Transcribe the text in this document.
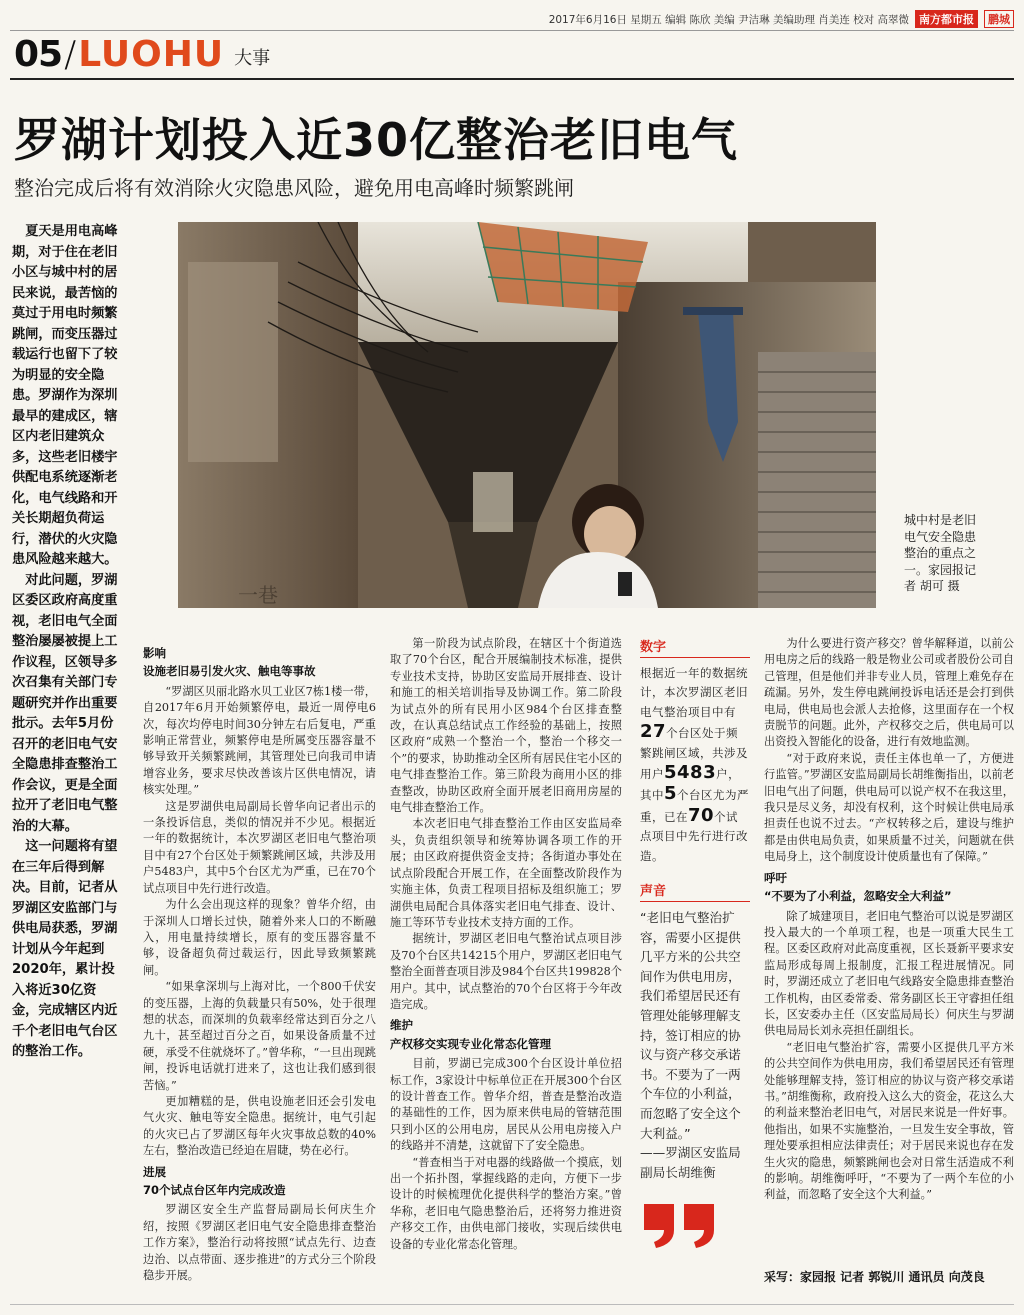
2017年6月16日 星期五 编辑 陈欣 美编 尹洁琳 美编助理 肖美连 校对 高翠微 南方都市报	鹏城
05 / LUOHU 大事
罗湖计划投入近30亿整治老旧电气
整治完成后将有效消除火灾隐患风险，避免用电高峰时频繁跳闸

夏天是用电高峰期，对于住在老旧小区与城中村的居民来说，最苦恼的莫过于用电时频繁跳闸，而变压器过载运行也留下了较为明显的安全隐患。罗湖作为深圳最早的建成区，辖区内老旧建筑众多，这些老旧楼宇供配电系统逐渐老化，电气线路和开关长期超负荷运行，潜伏的火灾隐患风险越来越大。

对此问题，罗湖区委区政府高度重视，老旧电气全面整治屡屡被提上工作议程，区领导多次召集有关部门专题研究并作出重要批示。去年5月份召开的老旧电气安全隐患排查整治工作会议，更是全面拉开了老旧电气整治的大幕。

这一问题将有望在三年后得到解决。目前，记者从罗湖区安监部门与供电局获悉，罗湖计划从今年起到2020年，累计投入将近30亿资金，完成辖区内近千个老旧电气台区的整治工作。

一巷
城中村是老旧电气安全隐患整治的重点之一。家园报记者 胡可 摄

影响

设施老旧易引发火灾、触电等事故

“罗湖区贝丽北路水贝工业区7栋1楼一带，自2017年6月开始频繁停电，最近一周停电6次，每次均停电时间30分钟左右后复电，严重影响正常营业，频繁停电是所属变压器容量不够导致开关频繁跳闸，其管理处已向我司申请增容业务，要求尽快改善该片区供电情况，请核实处理。”

这是罗湖供电局副局长曾华向记者出示的一条投诉信息，类似的情况并不少见。根据近一年的数据统计，本次罗湖区老旧电气整治项目中有27个台区处于频繁跳闸区域，共涉及用户5483户，其中5个台区尤为严重，已在70个试点项目中先行进行改造。

为什么会出现这样的现象？曾华介绍，由于深圳人口增长过快，随着外来人口的不断融入，用电量持续增长，原有的变压器容量不够，设备超负荷过载运行，因此导致频繁跳闸。

“如果拿深圳与上海对比，一个800千伏安的变压器，上海的负载量只有50%，处于很理想的状态，而深圳的负载率经常达到百分之八九十，甚至超过百分之百，如果设备质量不过硬，承受不住就烧坏了。”曾华称，“一旦出现跳闸，投诉电话就打进来了，这也让我们感到很苦恼。”

更加糟糕的是，供电设施老旧还会引发电气火灾、触电等安全隐患。据统计，电气引起的火灾已占了罗湖区每年火灾事故总数的40%左右，整治改造已经迫在眉睫，势在必行。

进展

70个试点台区年内完成改造

罗湖区安全生产监督局副局长何庆生介绍，按照《罗湖区老旧电气安全隐患排查整治工作方案》，整治行动将按照“试点先行、边查边治、以点带面、逐步推进”的方式分三个阶段稳步开展。

第一阶段为试点阶段，在辖区十个街道选取了70个台区，配合开展编制技术标准，提供专业技术支持，协助区安监局开展排查、设计和施工的相关培训指导及协调工作。第二阶段为试点外的所有民用小区984个台区排查整改，在认真总结试点工作经验的基础上，按照区政府“成熟一个整治一个，整治一个移交一个”的要求，协助推动全区所有居民住宅小区的电气排查整治工作。第三阶段为商用小区的排查整改，协助区政府全面开展老旧商用房屋的电气排查整治工作。

本次老旧电气排查整治工作由区安监局牵头，负责组织领导和统筹协调各项工作的开展；由区政府提供资金支持；各街道办事处在试点阶段配合开展工作，在全面整改阶段作为实施主体，负责工程项目招标及组织施工；罗湖供电局配合具体落实老旧电气排查、设计、施工等环节专业技术支持方面的工作。

据统计，罗湖区老旧电气整治试点项目涉及70个台区共14215个用户，罗湖区老旧电气整治全面普查项目涉及984个台区共199828个用户。其中，试点整治的70个台区将于今年改造完成。

维护

产权移交实现专业化常态化管理

目前，罗湖已完成300个台区设计单位招标工作，3家设计中标单位正在开展300个台区的设计普查工作。曾华介绍，普查是整治改造的基础性的工作，因为原来供电局的管辖范围只到小区的公用电房，居民从公用电房接入户的线路并不清楚，这就留下了安全隐患。

“普查相当于对电器的线路做一个摸底，划出一个拓扑图，掌握线路的走向，方便下一步设计的时候梳理优化提供科学的整治方案。”曾华称，老旧电气隐患整治后，还将努力推进资产移交工作，由供电部门接收，实现后续供电设备的专业化常态化管理。

数字
根据近一年的数据统计，本次罗湖区老旧电气整治项目中有27个台区处于频繁跳闸区域，共涉及用户5483户，其中5个台区尤为严重，已在70个试点项目中先行进行改造。
声音
“老旧电气整治扩容，需要小区提供几平方米的公共空间作为供电用房，我们希望居民还有管理处能够理解支持，签订相应的协议与资产移交承诺书。不要为了一两个车位的小利益，而忽略了安全这个大利益。”
——罗湖区安监局副局长胡维衡

为什么要进行资产移交？曾华解释道，以前公用电房之后的线路一般是物业公司或者股份公司自己管理，但是他们并非专业人员，管理上难免存在疏漏。另外，发生停电跳闸投诉电话还是会打到供电局，供电局也会派人去抢修，这里面存在一个权责脱节的问题。此外，产权移交之后，供电局可以出资投入智能化的设备，进行有效地监测。

“对于政府来说，责任主体也单一了，方便进行监管。”罗湖区安监局副局长胡维衡指出，以前老旧电气出了问题，供电局可以说产权不在我这里，我只是尽义务，却没有权利，这个时候让供电局承担责任也说不过去。“产权转移之后，建设与维护都是由供电局负责，如果质量不过关，问题就在供电局身上，这个制度设计使质量也有了保障。”

呼吁

“不要为了小利益，忽略安全大利益”

除了城建项目，老旧电气整治可以说是罗湖区投入最大的一个单项工程，也是一项重大民生工程。区委区政府对此高度重视，区长聂新平要求安监局形成每周上报制度，汇报工程进展情况。同时，罗湖还成立了老旧电气线路安全隐患排查整治工作机构，由区委常委、常务副区长王守睿担任组长，区安委办主任（区安监局局长）何庆生与罗湖供电局局长刘永亮担任副组长。

“老旧电气整治扩容，需要小区提供几平方米的公共空间作为供电用房，我们希望居民还有管理处能够理解支持，签订相应的协议与资产移交承诺书。”胡维衡称，政府投入这么大的资金，花这么大的利益来整治老旧电气，对居民来说是一件好事。他指出，如果不实施整治，一旦发生安全事故，管理处要承担相应法律责任；对于居民来说也存在发生火灾的隐患，频繁跳闸也会对日常生活造成不利的影响。胡维衡呼吁，“不要为了一两个车位的小利益，而忽略了安全这个大利益。”

采写：家园报 记者 郭锐川 通讯员 向茂良
